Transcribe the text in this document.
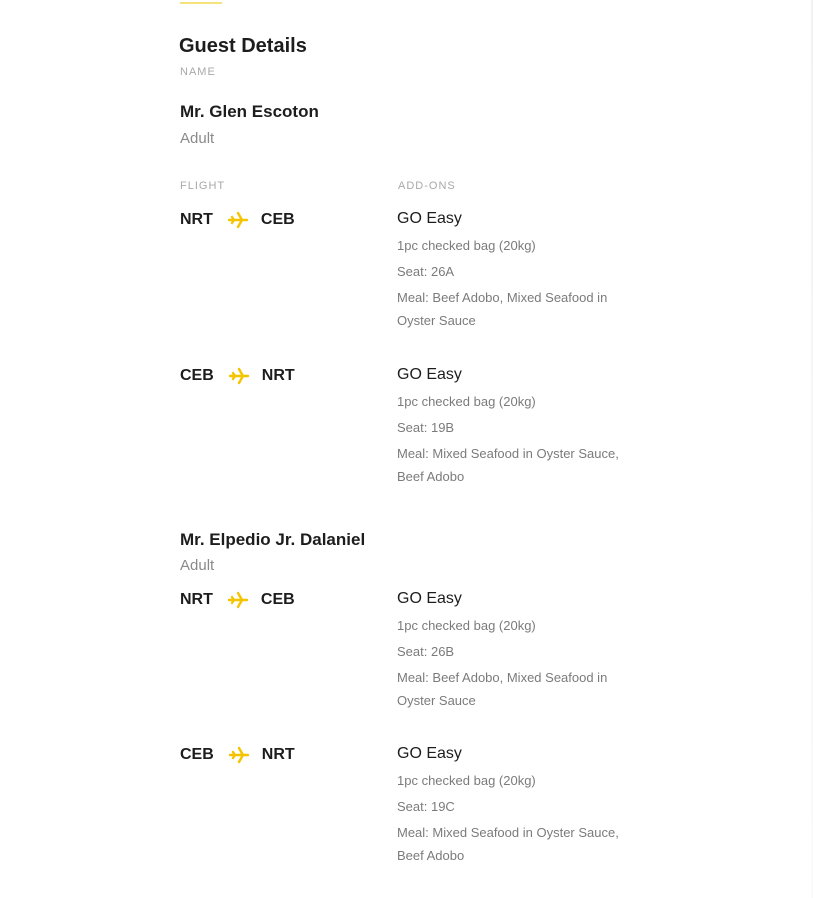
Guest Details
NAME
Mr. Glen Escoton
Adult
FLIGHT	ADD-ONS
NRT	CEB	GO Easy
1pc checked bag (20kg)
Seat: 26A
Meal: Beef Adobo, Mixed Seafood in Oyster Sauce
CEB	NRT	GO Easy
1pc checked bag (20kg)
Seat: 19B
Meal: Mixed Seafood in Oyster Sauce, Beef Adobo
Mr. Elpedio Jr. Dalaniel
Adult
NRT	CEB	GO Easy
1pc checked bag (20kg)
Seat: 26B
Meal: Beef Adobo, Mixed Seafood in Oyster Sauce
CEB	NRT	GO Easy
1pc checked bag (20kg)
Seat: 19C
Meal: Mixed Seafood in Oyster Sauce, Beef Adobo
